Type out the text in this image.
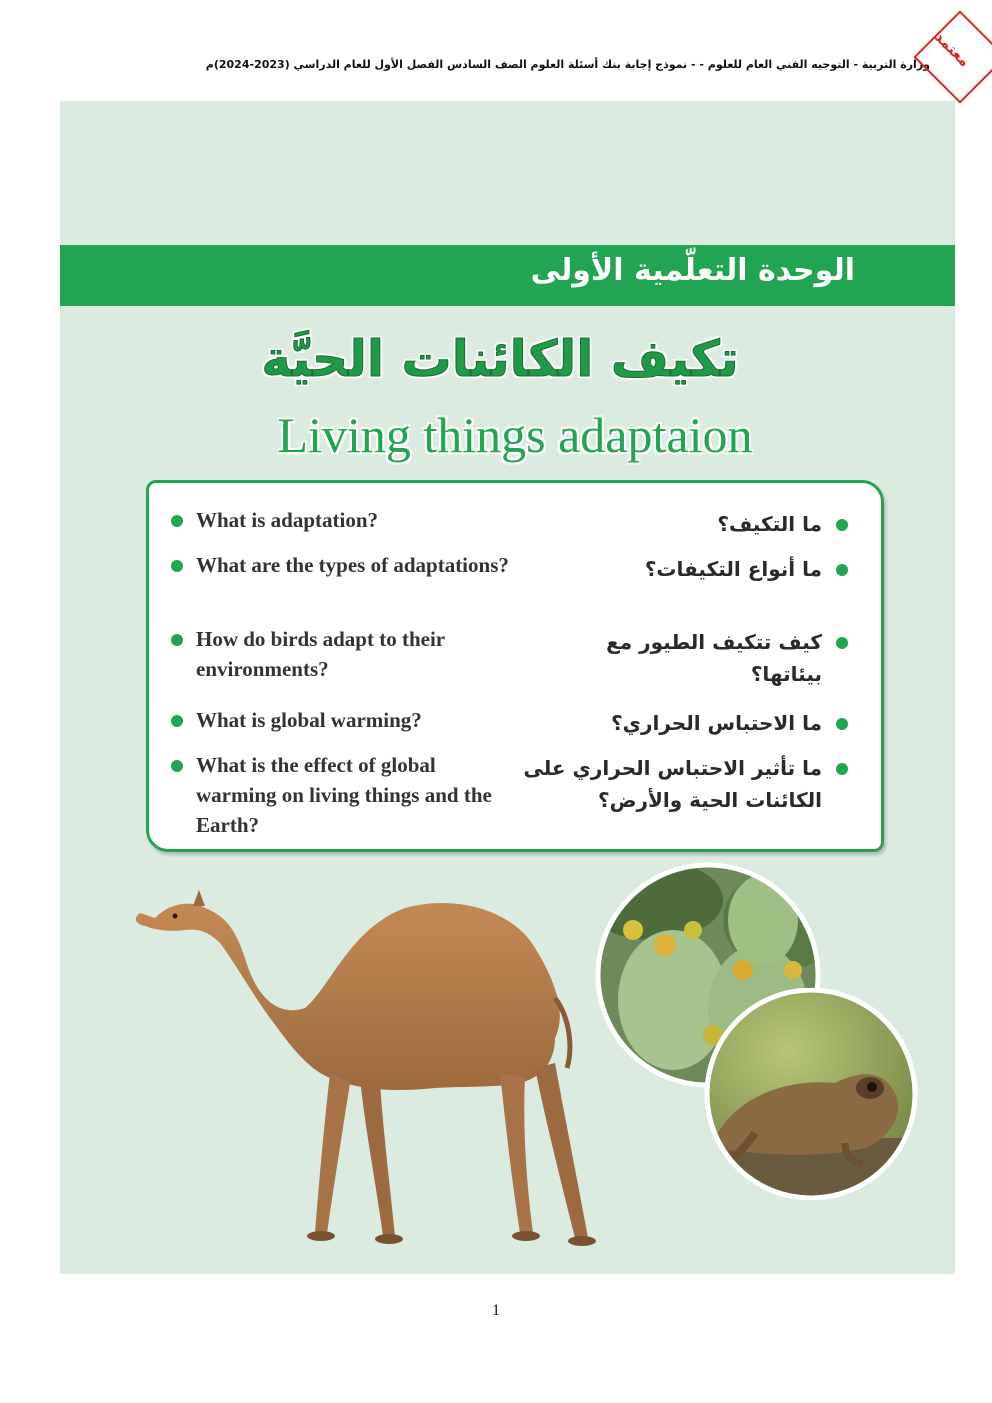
وزارة التربية - التوجيه الفني العام للعلوم - - نموذج إجابة بنك أسئلة العلوم الصف السادس الفصل الأول للعام الدراسي (2023-2024)م معتمد
الوحدة التعلّمية الأولى
تكيف الكائنات الحيَّة
Living things adaptaion
What is adaptation?
What are the types of adaptations?
How do birds adapt to their environments?
What is global warming?
What is the effect of global warming on living things and the Earth?
ما التكيف؟
ما أنواع التكيفات؟
كيف تتكيف الطيور مع بيئاتها؟
ما الاحتباس الحراري؟
ما تأثير الاحتباس الحراري على الكائنات الحية والأرض؟
1
